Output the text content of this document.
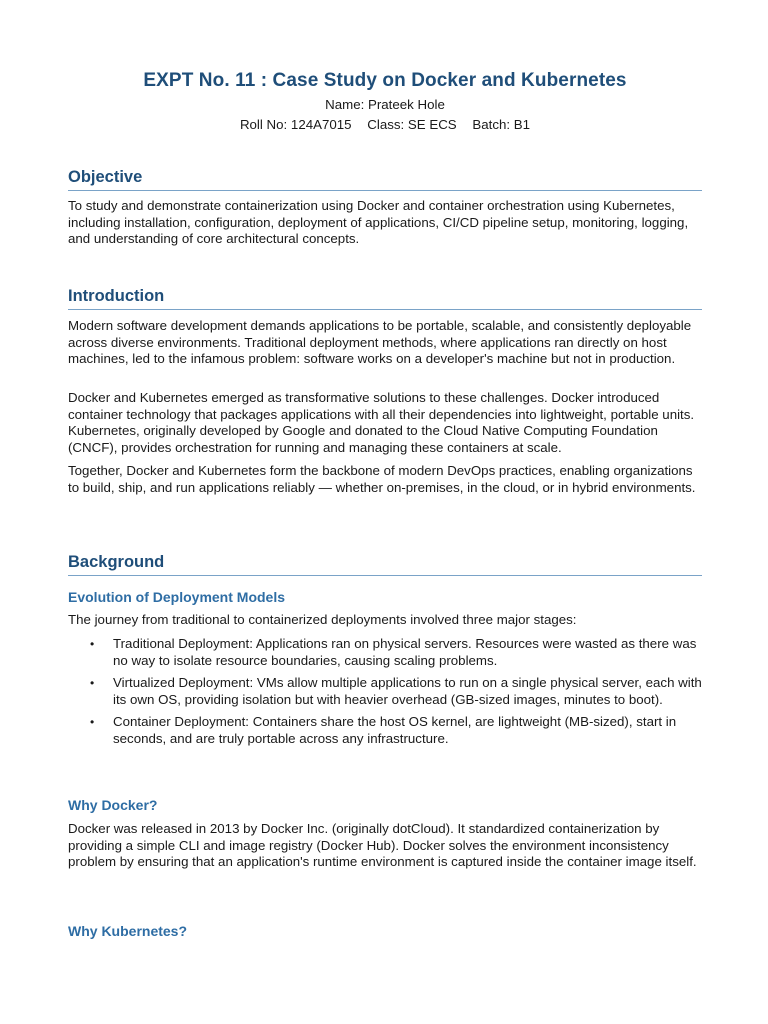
EXPT No. 11 : Case Study on Docker and Kubernetes
Name: Prateek Hole
Roll No: 124A7015 Class: SE ECS Batch: B1
Objective

To study and demonstrate containerization using Docker and container orchestration using Kubernetes, including installation, configuration, deployment of applications, CI/CD pipeline setup, monitoring, logging, and understanding of core architectural concepts.

Introduction

Modern software development demands applications to be portable, scalable, and consistently deployable across diverse environments. Traditional deployment methods, where applications ran directly on host machines, led to the infamous problem: software works on a developer's machine but not in production.

Docker and Kubernetes emerged as transformative solutions to these challenges. Docker introduced container technology that packages applications with all their dependencies into lightweight, portable units. Kubernetes, originally developed by Google and donated to the Cloud Native Computing Foundation (CNCF), provides orchestration for running and managing these containers at scale.

Together, Docker and Kubernetes form the backbone of modern DevOps practices, enabling organizations to build, ship, and run applications reliably — whether on-premises, in the cloud, or in hybrid environments.

Background
Evolution of Deployment Models

The journey from traditional to containerized deployments involved three major stages:

• Traditional Deployment: Applications ran on physical servers. Resources were wasted as there was no way to isolate resource boundaries, causing scaling problems.
• Virtualized Deployment: VMs allow multiple applications to run on a single physical server, each with its own OS, providing isolation but with heavier overhead (GB-sized images, minutes to boot).
• Container Deployment: Containers share the host OS kernel, are lightweight (MB-sized), start in seconds, and are truly portable across any infrastructure.
Why Docker?

Docker was released in 2013 by Docker Inc. (originally dotCloud). It standardized containerization by providing a simple CLI and image registry (Docker Hub). Docker solves the environment inconsistency problem by ensuring that an application's runtime environment is captured inside the container image itself.

Why Kubernetes?
